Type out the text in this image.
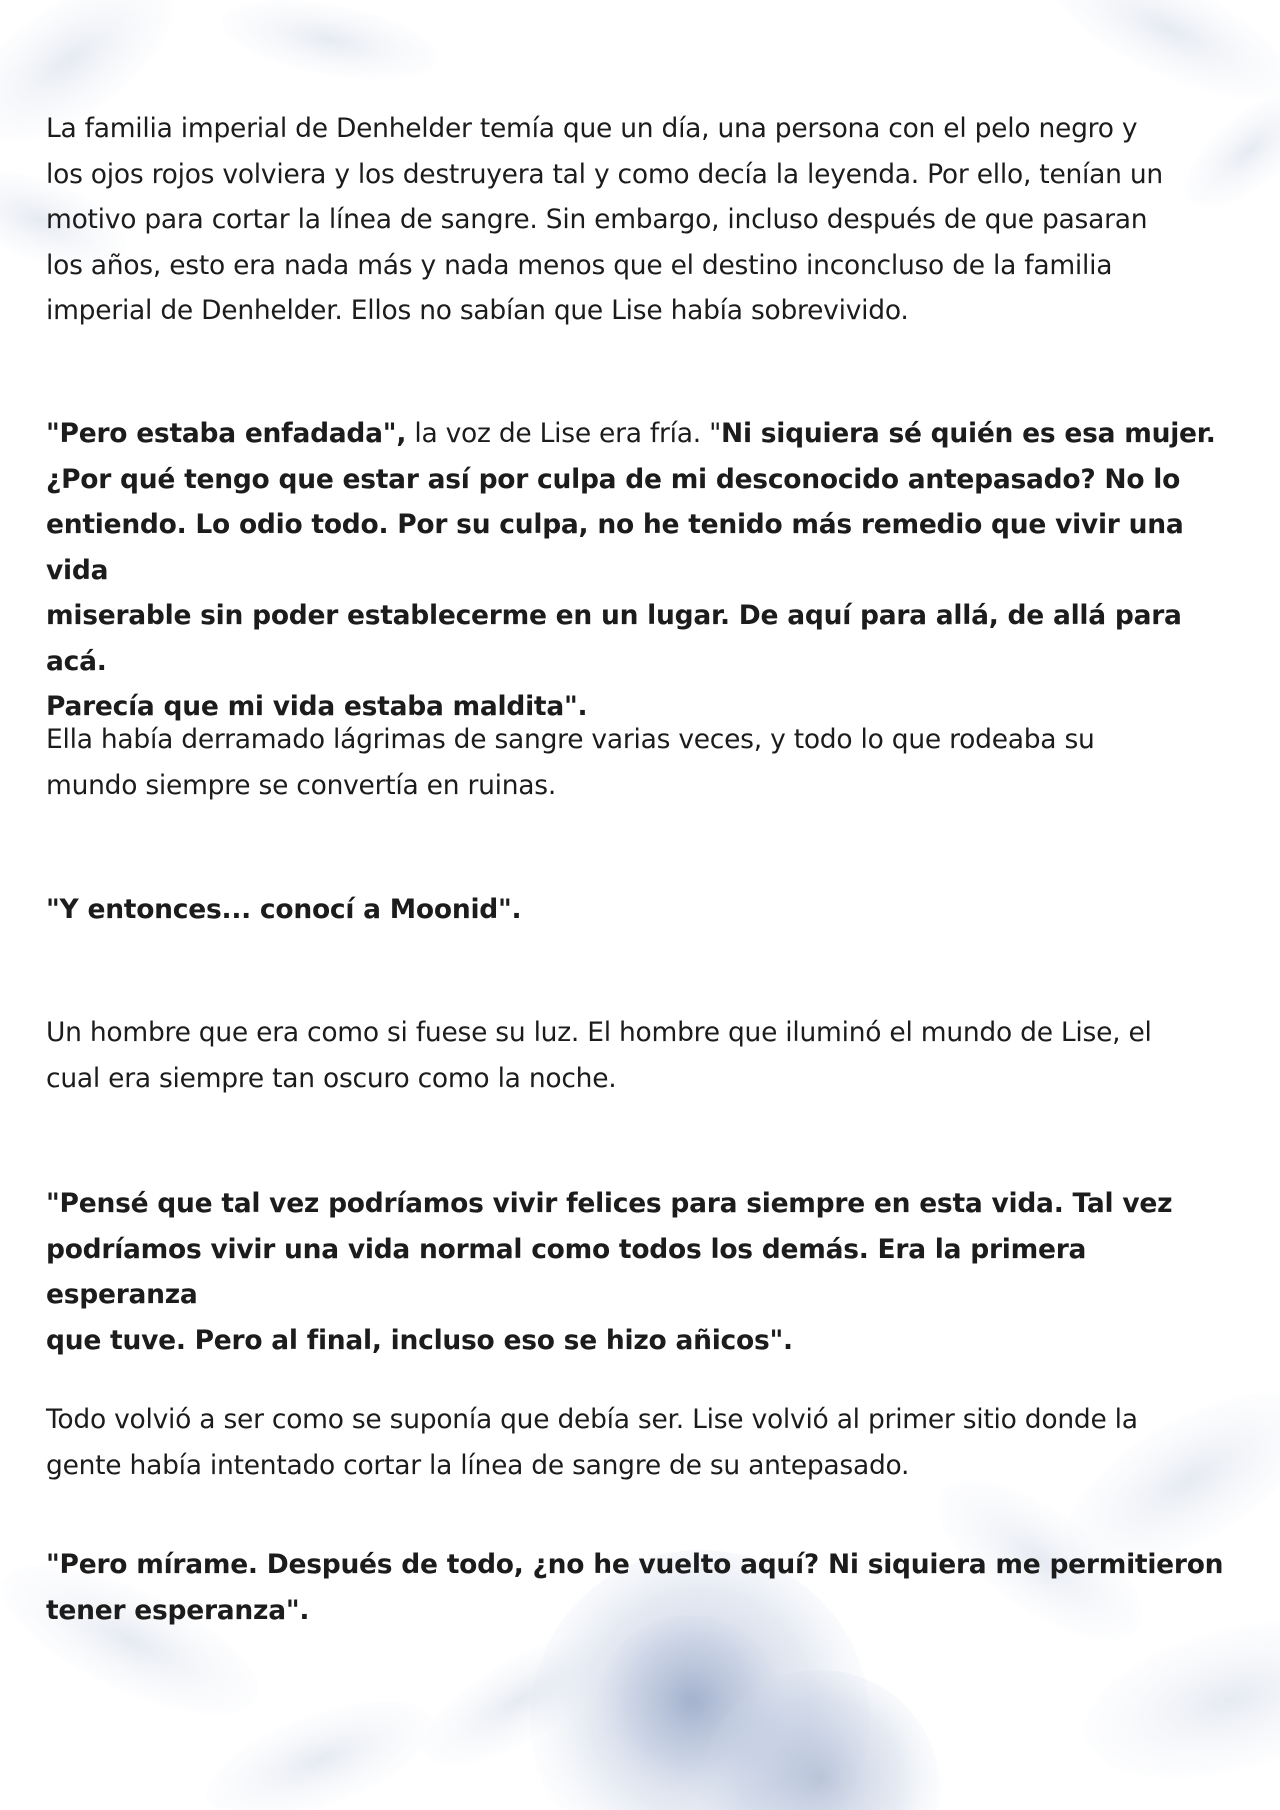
La familia imperial de Denhelder temía que un día, una persona con el pelo negro y
los ojos rojos volviera y los destruyera tal y como decía la leyenda. Por ello, tenían un
motivo para cortar la línea de sangre. Sin embargo, incluso después de que pasaran
los años, esto era nada más y nada menos que el destino inconcluso de la familia
imperial de Denhelder. Ellos no sabían que Lise había sobrevivido.

"Pero estaba enfadada", la voz de Lise era fría. "Ni siquiera sé quién es esa mujer.
¿Por qué tengo que estar así por culpa de mi desconocido antepasado? No lo
entiendo. Lo odio todo. Por su culpa, no he tenido más remedio que vivir una vida
miserable sin poder establecerme en un lugar. De aquí para allá, de allá para acá.
Parecía que mi vida estaba maldita".

Ella había derramado lágrimas de sangre varias veces, y todo lo que rodeaba su
mundo siempre se convertía en ruinas.

"Y entonces... conocí a Moonid".

Un hombre que era como si fuese su luz. El hombre que iluminó el mundo de Lise, el
cual era siempre tan oscuro como la noche.

"Pensé que tal vez podríamos vivir felices para siempre en esta vida. Tal vez
podríamos vivir una vida normal como todos los demás. Era la primera esperanza
que tuve. Pero al final, incluso eso se hizo añicos".

Todo volvió a ser como se suponía que debía ser. Lise volvió al primer sitio donde la
gente había intentado cortar la línea de sangre de su antepasado.

"Pero mírame. Después de todo, ¿no he vuelto aquí? Ni siquiera me permitieron
tener esperanza".
